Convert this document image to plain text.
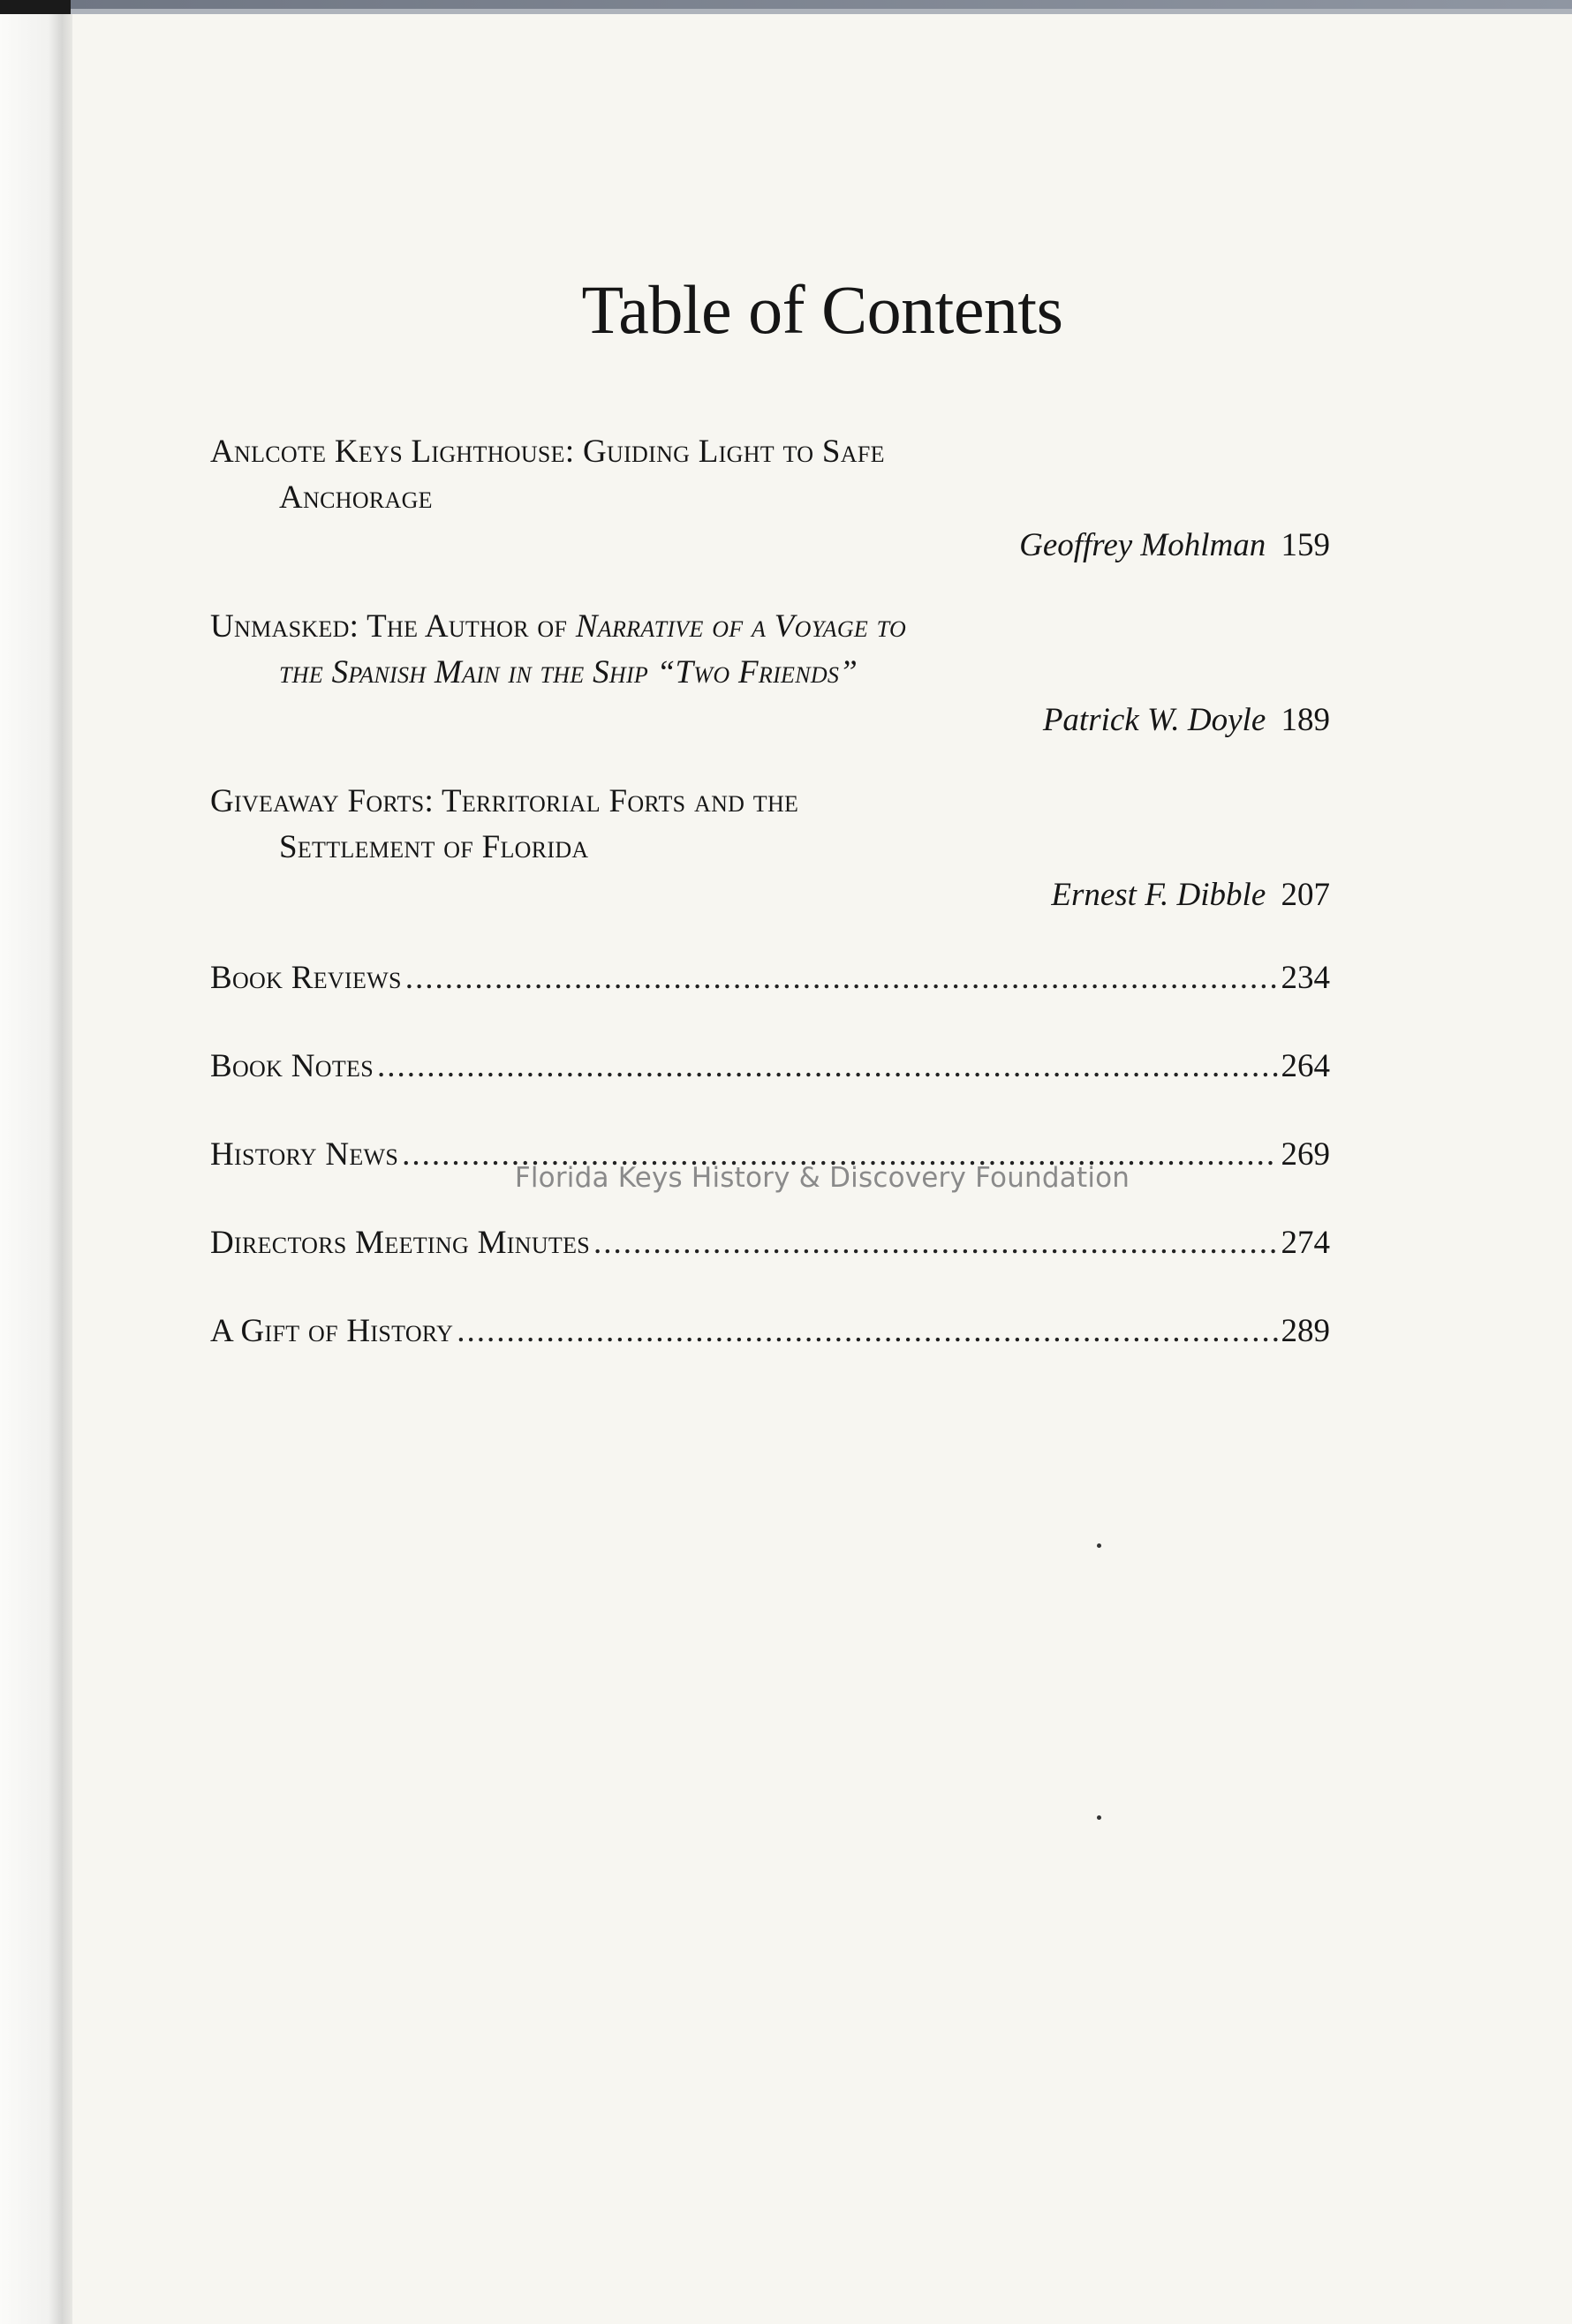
Table of Contents
Anlcote Keys Lighthouse: Guiding Light to Safe
Anchorage
Geoffrey Mohlman 159
Unmasked: The Author of Narrative of a Voyage to
the Spanish Main in the Ship “Two Friends”
Patrick W. Doyle 189
Giveaway Forts: Territorial Forts and the
Settlement of Florida
Ernest F. Dibble 207
Book Reviews .....	234
Book Notes .....	264
History News .....	269
Directors Meeting Minutes .....	274
A Gift of History .....	289
Florida Keys History & Discovery Foundation
